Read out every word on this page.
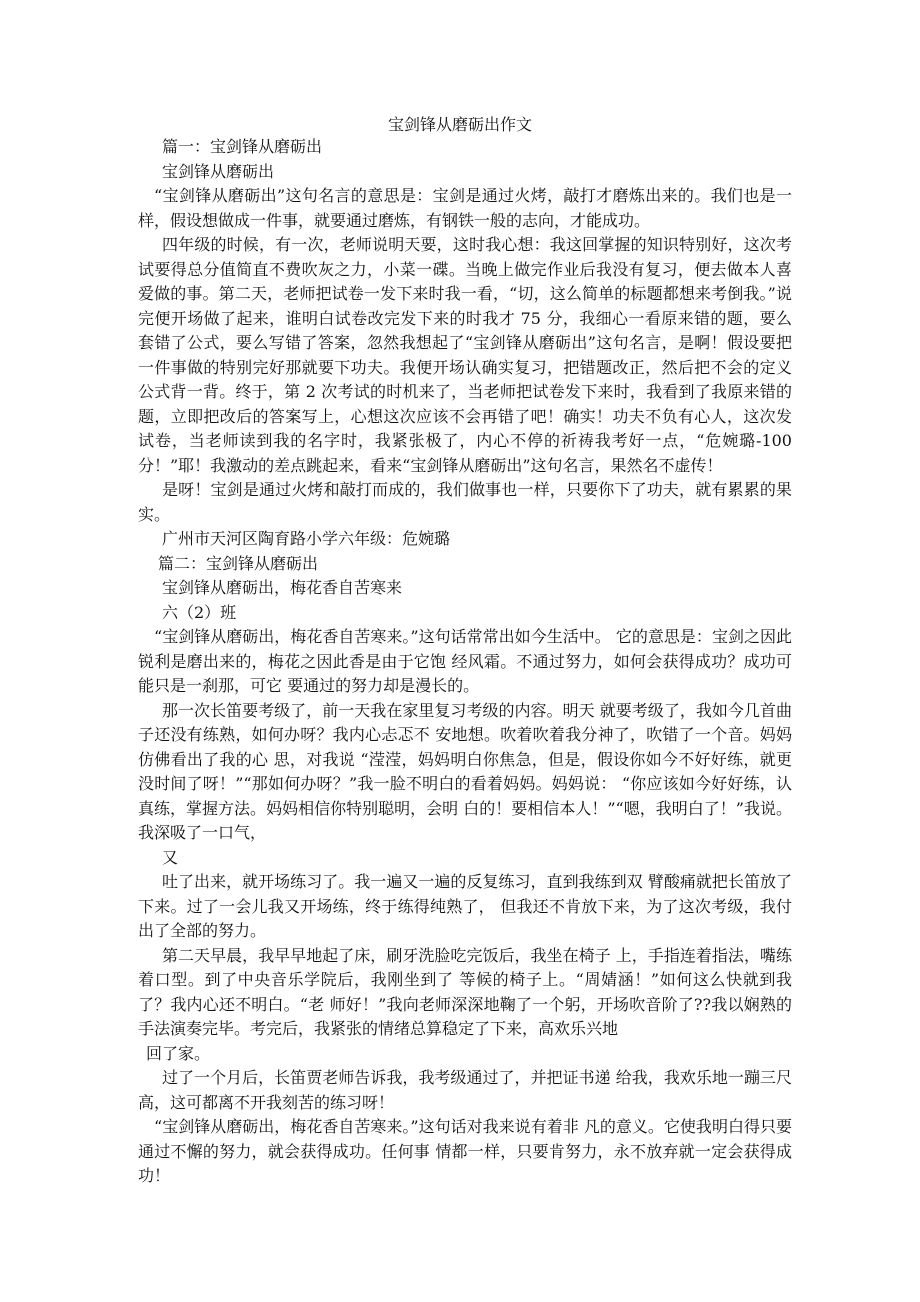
宝剑锋从磨砺出作文

篇一：宝剑锋从磨砺出

宝剑锋从磨砺出

“宝剑锋从磨砺出”这句名言的意思是：宝剑是通过火烤，敲打才磨炼出来的。我们也是一样，假设想做成一件事，就要通过磨炼，有钢铁一般的志向，才能成功。

四年级的时候，有一次，老师说明天要，这时我心想：我这回掌握的知识特别好，这次考试要得总分值简直不费吹灰之力，小菜一碟。当晚上做完作业后我没有复习，便去做本人喜爱做的事。第二天，老师把试卷一发下来时我一看，“切，这么简单的标题都想来考倒我。”说完便开场做了起来，谁明白试卷改完发下来的时我才 75 分，我细心一看原来错的题，要么套错了公式，要么写错了答案，忽然我想起了“宝剑锋从磨砺出”这句名言，是啊！假设要把一件事做的特别完好那就要下功夫。我便开场认确实复习，把错题改正，然后把不会的定义公式背一背。终于，第 2 次考试的时机来了，当老师把试卷发下来时，我看到了我原来错的题，立即把改后的答案写上，心想这次应该不会再错了吧！确实！功夫不负有心人，这次发试卷，当老师读到我的名字时，我紧张极了，内心不停的祈祷我考好一点，“危婉璐-100 分！”耶！我激动的差点跳起来，看来“宝剑锋从磨砺出”这句名言，果然名不虚传！

是呀！宝剑是通过火烤和敲打而成的，我们做事也一样，只要你下了功夫，就有累累的果实。

广州市天河区陶育路小学六年级：危婉璐

篇二：宝剑锋从磨砺出

宝剑锋从磨砺出，梅花香自苦寒来

六（2）班

“宝剑锋从磨砺出，梅花香自苦寒来。”这句话常常出如今生活中。 它的意思是：宝剑之因此锐利是磨出来的，梅花之因此香是由于它饱 经风霜。不通过努力，如何会获得成功？成功可能只是一刹那，可它 要通过的努力却是漫长的。

那一次长笛要考级了，前一天我在家里复习考级的内容。明天 就要考级了，我如今几首曲子还没有练熟，如何办呀？我内心忐忑不 安地想。吹着吹着我分神了，吹错了一个音。妈妈仿佛看出了我的心 思，对我说 “滢滢，妈妈明白你焦急，但是，假设你如今不好好练，就更没时间了呀！”“那如何办呀？”我一脸不明白的看着妈妈。妈妈说： “你应该如今好好练，认真练，掌握方法。妈妈相信你特别聪明，会明 白的！要相信本人！”“嗯，我明白了！”我说。我深吸了一口气，

又

吐了出来，就开场练习了。我一遍又一遍的反复练习，直到我练到双 臂酸痛就把长笛放了下来。过了一会儿我又开场练，终于练得纯熟了， 但我还不肯放下来，为了这次考级，我付出了全部的努力。

第二天早晨，我早早地起了床，刷牙洗脸吃完饭后，我坐在椅子 上，手指连着指法，嘴练着口型。到了中央音乐学院后，我刚坐到了 等候的椅子上。“周婧涵！”如何这么快就到我了？我内心还不明白。“老 师好！”我向老师深深地鞠了一个躬，开场吹音阶了??我以娴熟的 手法演奏完毕。考完后，我紧张的情绪总算稳定了下来，高欢乐兴地

回了家。

过了一个月后，长笛贾老师告诉我，我考级通过了，并把证书递 给我，我欢乐地一蹦三尺高，这可都离不开我刻苦的练习呀！

“宝剑锋从磨砺出，梅花香自苦寒来。”这句话对我来说有着非 凡的意义。它使我明白得只要通过不懈的努力，就会获得成功。任何事 情都一样，只要肯努力，永不放弃就一定会获得成功！
